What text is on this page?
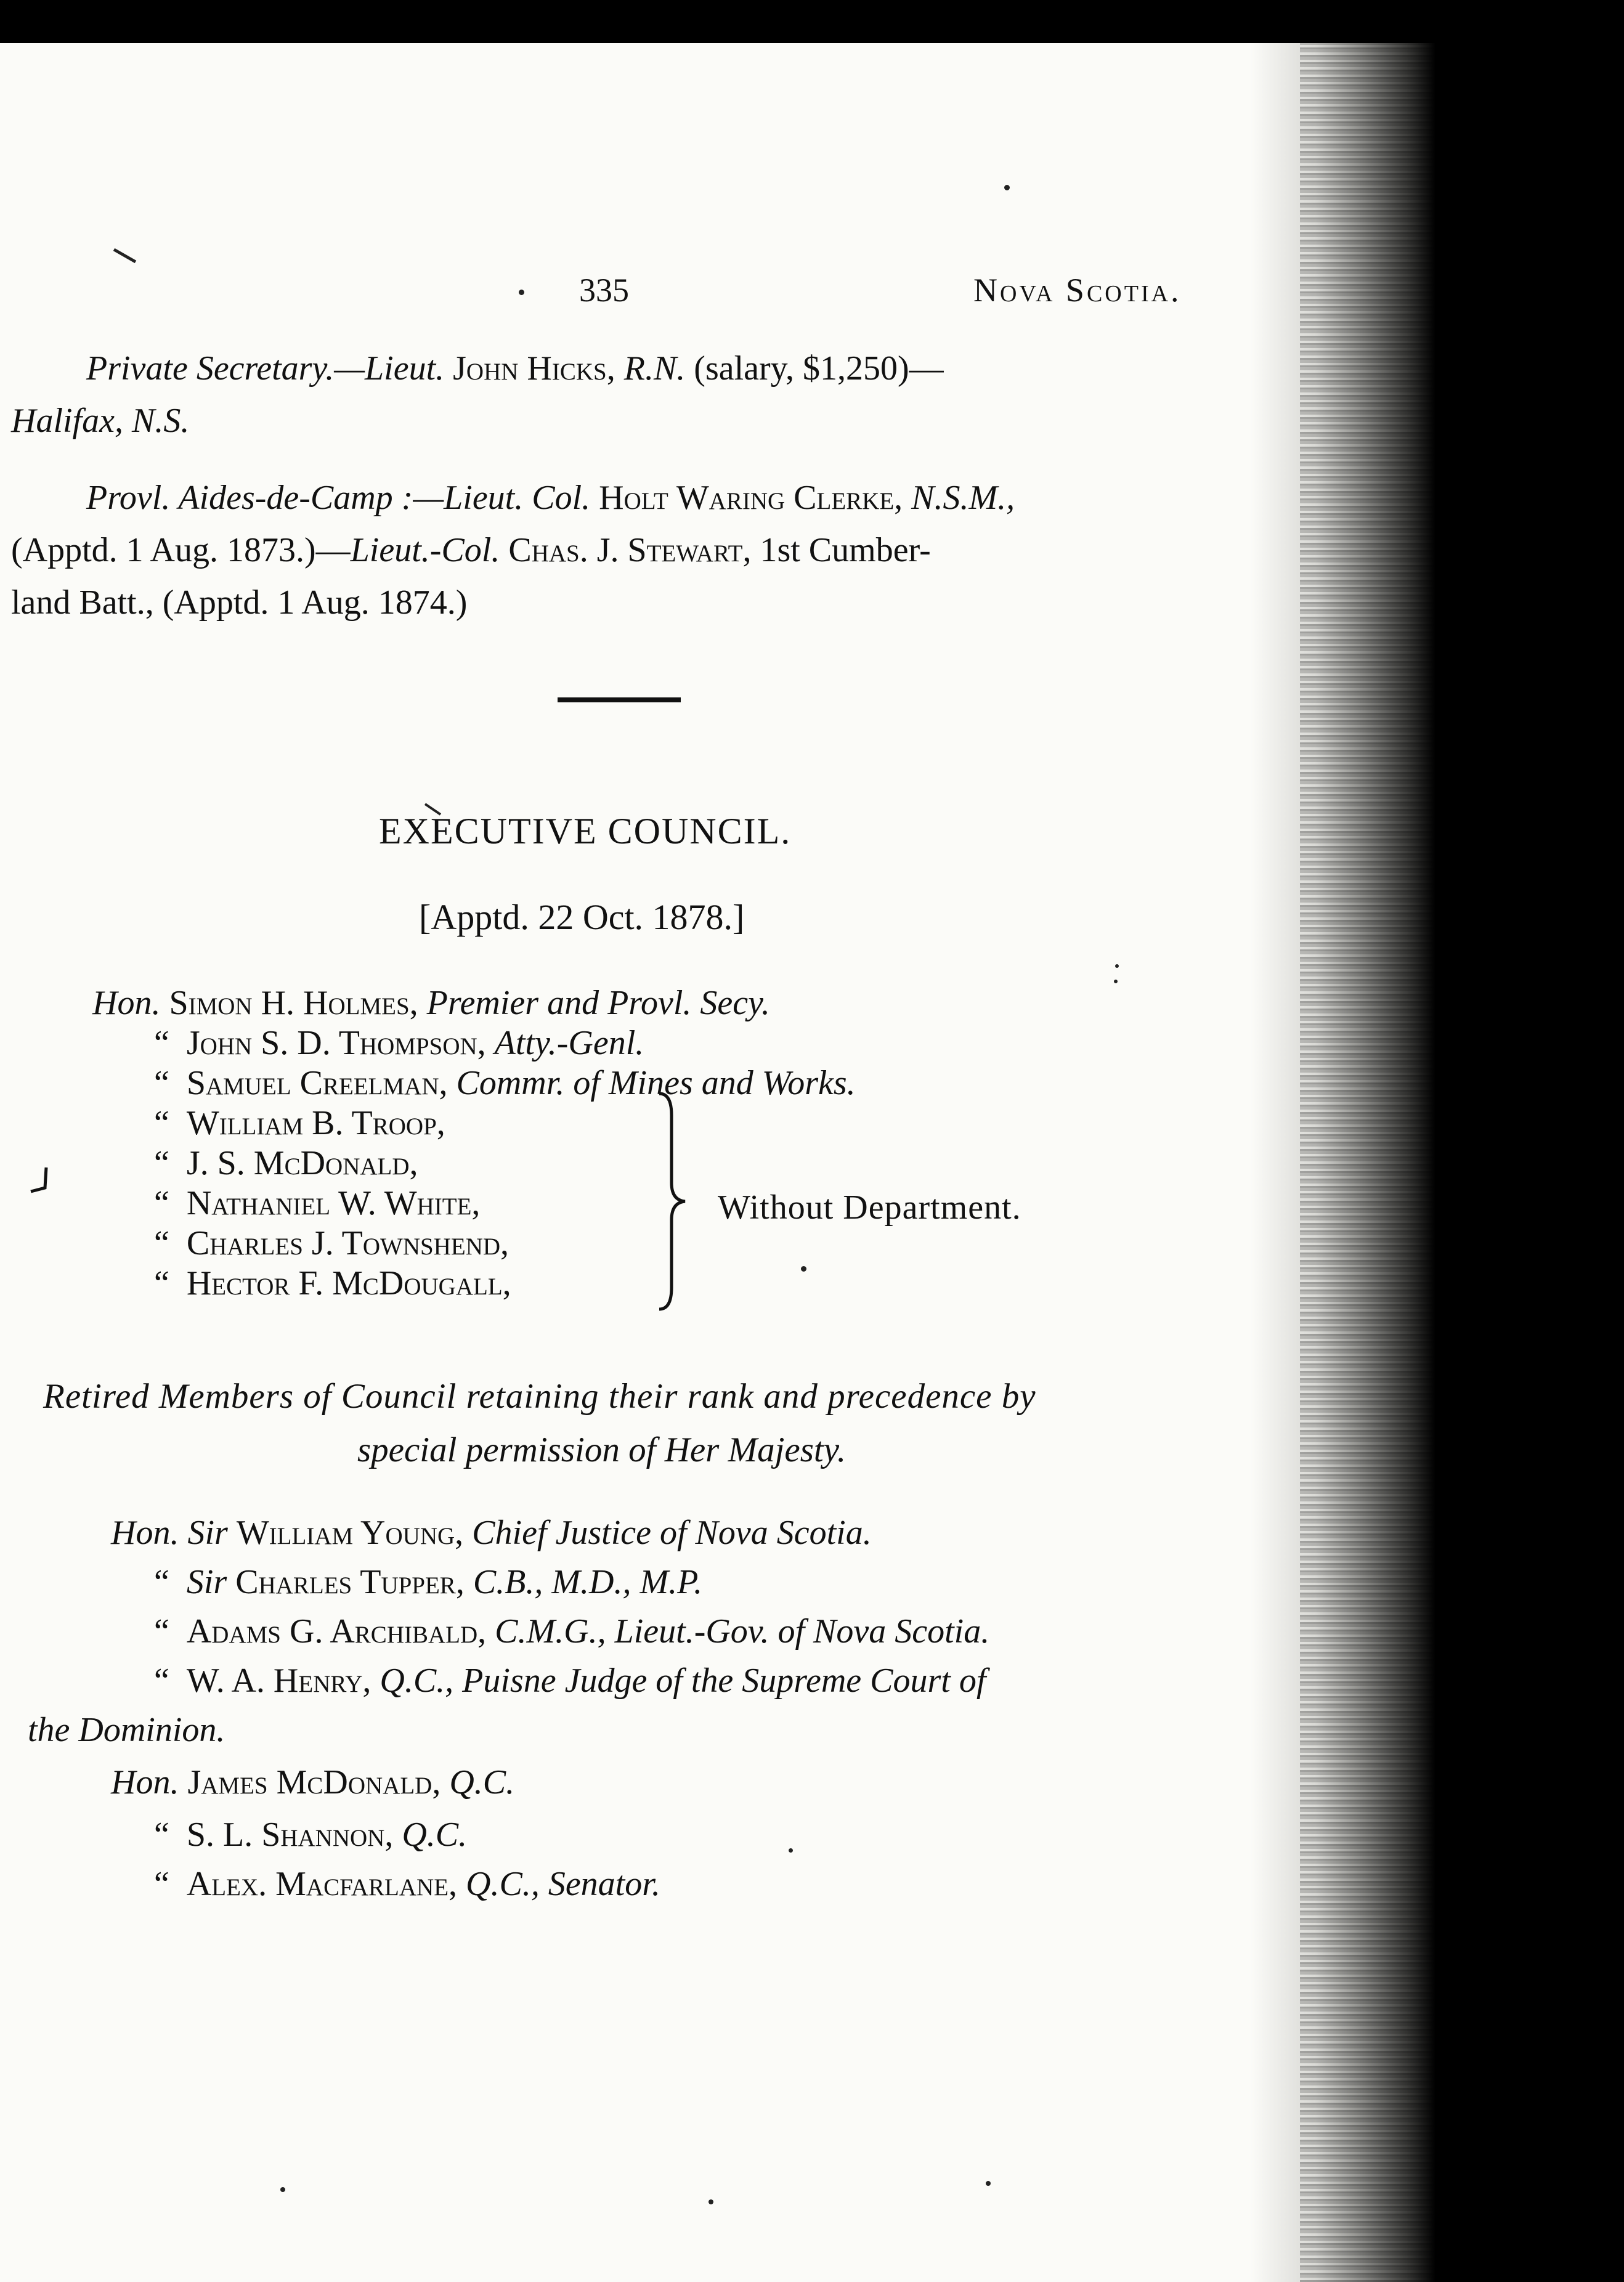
335	Nova Scotia.
Private Secretary.—Lieut. John Hicks, R.N. (salary, $1,250)—
Halifax, N.S.
Provl. Aides-de-Camp :—Lieut. Col. Holt Waring Clerke, N.S.M.,
(Apptd. 1 Aug. 1873.)—Lieut.-Col. Chas. J. Stewart, 1st Cumber-
land Batt., (Apptd. 1 Aug. 1874.)
EXECUTIVE COUNCIL.
[Apptd. 22 Oct. 1878.]
Hon. Simon H. Holmes, Premier and Provl. Secy.
“ John S. D. Thompson, Atty.-Genl.
“ Samuel Creelman, Commr. of Mines and Works.
“ William B. Troop,
“ J. S. McDonald,
“ Nathaniel W. White,
“ Charles J. Townshend,
“ Hector F. McDougall,
Without Department.
Retired Members of Council retaining their rank and precedence by
special permission of Her Majesty.
Hon. Sir William Young, Chief Justice of Nova Scotia.
“ Sir Charles Tupper, C.B., M.D., M.P.
“ Adams G. Archibald, C.M.G., Lieut.-Gov. of Nova Scotia.
“ W. A. Henry, Q.C., Puisne Judge of the Supreme Court of
the Dominion.
Hon. James McDonald, Q.C.
“ S. L. Shannon, Q.C.
“ Alex. Macfarlane, Q.C., Senator.
